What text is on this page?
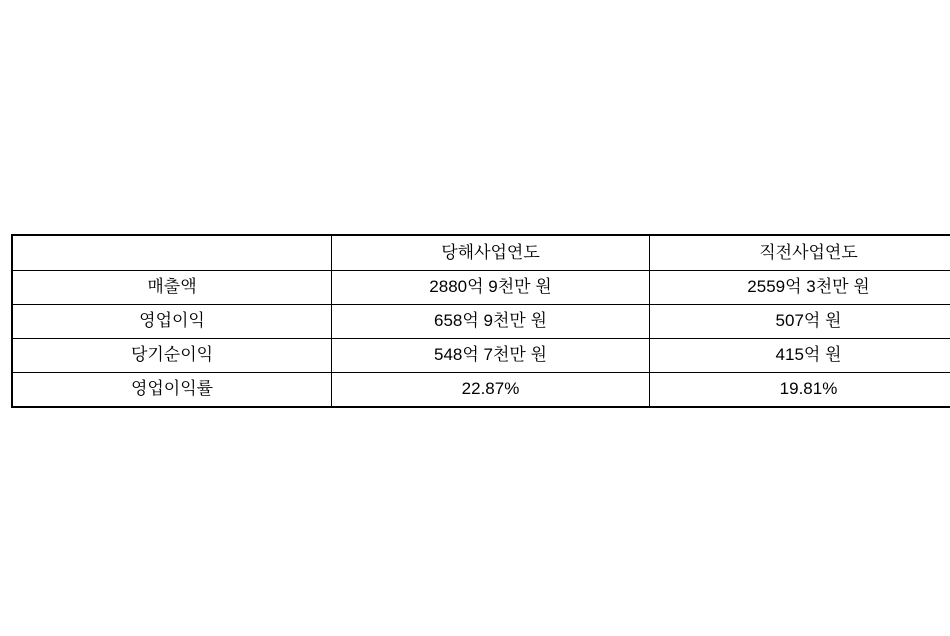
	당해사업연도	직전사업연도
매출액	2880억 9천만 원	2559억 3천만 원
영업이익	658억 9천만 원	507억 원
당기순이익	548억 7천만 원	415억 원
영업이익률	22.87%	19.81%
